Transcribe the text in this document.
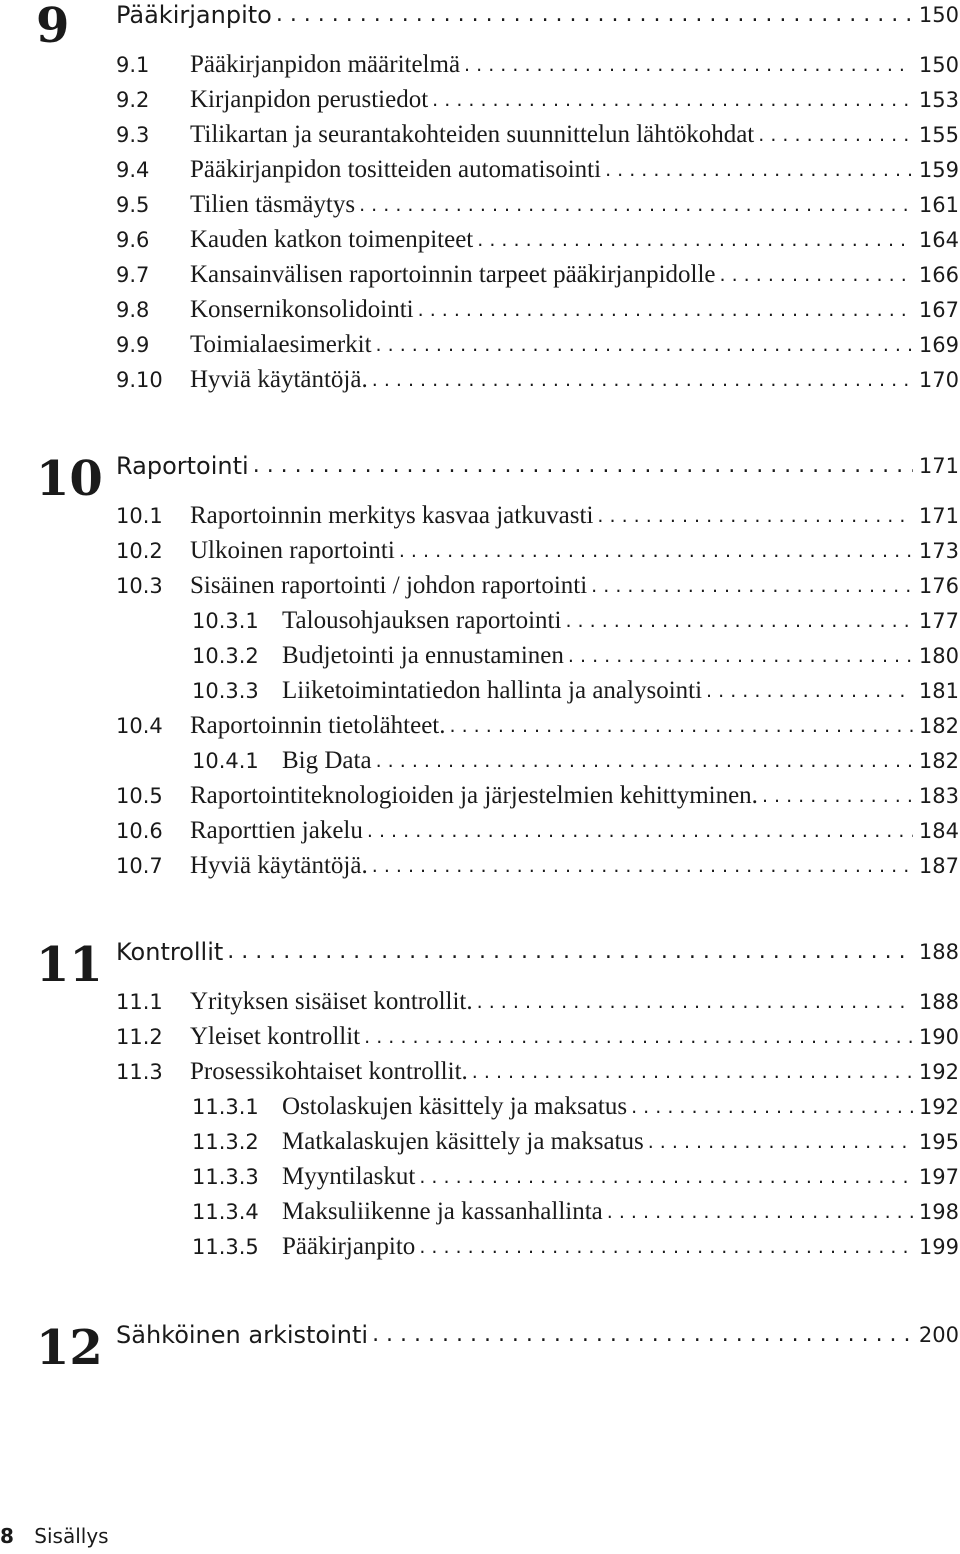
9 Pääkirjanpito . . .	150
9.1	Pääkirjanpidon määritelmä . . .	150
9.2	Kirjanpidon perustiedot . . .	153
9.3	Tilikartan ja seurantakohteiden suunnittelun lähtökohdat . . .	155
9.4	Pääkirjanpidon tositteiden automatisointi . . .	159
9.5	Tilien täsmäytys . . .	161
9.6	Kauden katkon toimenpiteet . . .	164
9.7	Kansainvälisen raportoinnin tarpeet pääkirjanpidolle . . .	166
9.8	Konsernikonsolidointi . . .	167
9.9	Toimialaesimerkit . . .	169
9.10	Hyviä käytäntöjä. . . .	170
10 Raportointi . . .	171
10.1	Raportoinnin merkitys kasvaa jatkuvasti . . .	171
10.2	Ulkoinen raportointi . . .	173
10.3	Sisäinen raportointi / johdon raportointi . . .	176
10.3.1 Talousohjauksen raportointi . . .	177
10.3.2 Budjetointi ja ennustaminen . . .	180
10.3.3 Liiketoimintatiedon hallinta ja analysointi . . .	181
10.4	Raportoinnin tietolähteet. . . .	182
10.4.1 Big Data . . .	182
10.5	Raportointiteknologioiden ja järjestelmien kehittyminen. . . .	183
10.6	Raporttien jakelu . . .	184
10.7	Hyviä käytäntöjä. . . .	187
11 Kontrollit . . .	188
11.1	Yrityksen sisäiset kontrollit. . . .	188
11.2	Yleiset kontrollit . . .	190
11.3	Prosessikohtaiset kontrollit. . . .	192
11.3.1 Ostolaskujen käsittely ja maksatus . . .	192
11.3.2 Matkalaskujen käsittely ja maksatus . . .	195
11.3.3 Myyntilaskut . . .	197
11.3.4 Maksuliikenne ja kassanhallinta . . .	198
11.3.5 Pääkirjanpito . . .	199
12 Sähköinen arkistointi . . .	200
8 Sisällys
